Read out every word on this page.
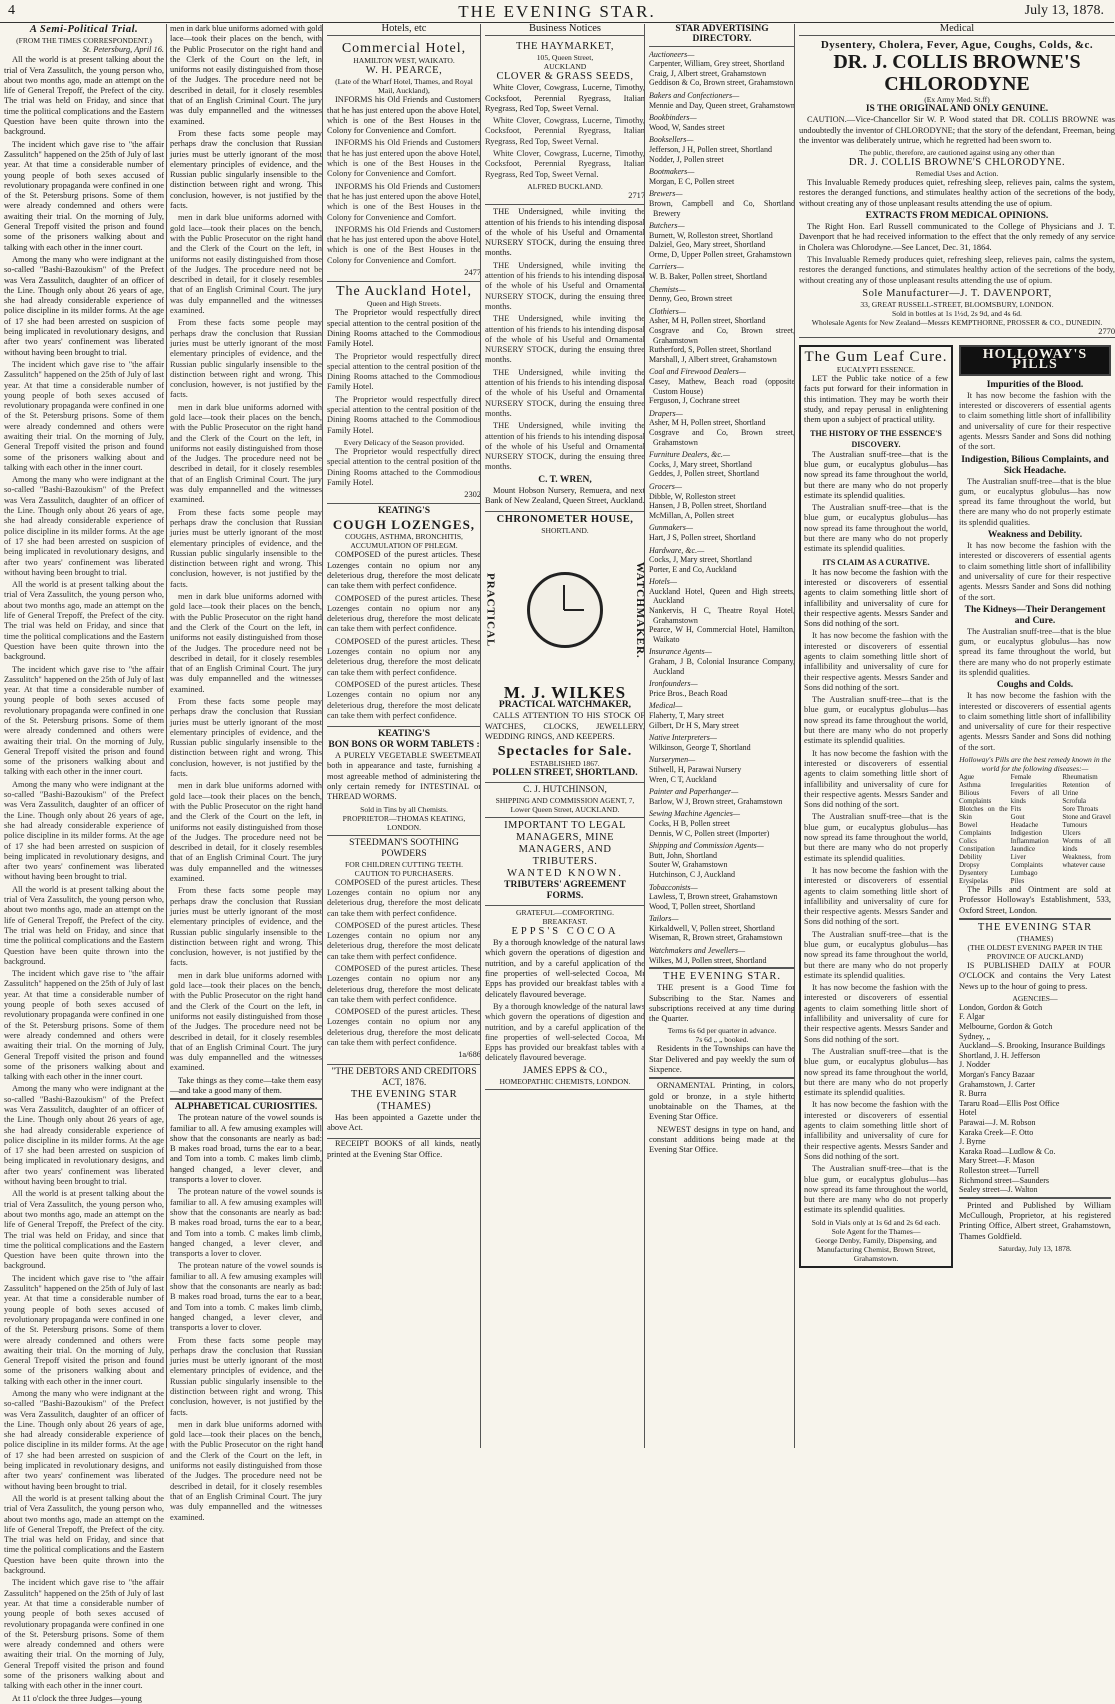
4	THE EVENING STAR.	July 13, 1878.
A Semi-Political Trial.
(FROM THE TIMES CORRESPONDENT.)
St. Petersburg, April 16.

All the world is at present talking about the trial of Vera Zassulitch, the young person who, about two months ago, made an attempt on the life of General Trepoff, the Prefect of the city. The trial was held on Friday, and since that time the political complications and the Eastern Question have been quite thrown into the background.

The incident which gave rise to "the affair Zassulitch" happened on the 25th of July of last year. At that time a considerable number of young people of both sexes accused of revolutionary propaganda were confined in one of the St. Petersburg prisons. Some of them were already condemned and others were awaiting their trial. On the morning of July, General Trepoff visited the prison and found some of the prisoners walking about and talking with each other in the inner court.

Among the many who were indignant at the so-called "Bashi-Bazoukism" of the Prefect was Vera Zassulitch, daughter of an officer of the Line. Though only about 26 years of age, she had already considerable experience of police discipline in its milder forms. At the age of 17 she had been arrested on suspicion of being implicated in revolutionary designs, and after two years' confinement was liberated without having been brought to trial.

The incident which gave rise to "the affair Zassulitch" happened on the 25th of July of last year. At that time a considerable number of young people of both sexes accused of revolutionary propaganda were confined in one of the St. Petersburg prisons. Some of them were already condemned and others were awaiting their trial. On the morning of July, General Trepoff visited the prison and found some of the prisoners walking about and talking with each other in the inner court.

Among the many who were indignant at the so-called "Bashi-Bazoukism" of the Prefect was Vera Zassulitch, daughter of an officer of the Line. Though only about 26 years of age, she had already considerable experience of police discipline in its milder forms. At the age of 17 she had been arrested on suspicion of being implicated in revolutionary designs, and after two years' confinement was liberated without having been brought to trial.

All the world is at present talking about the trial of Vera Zassulitch, the young person who, about two months ago, made an attempt on the life of General Trepoff, the Prefect of the city. The trial was held on Friday, and since that time the political complications and the Eastern Question have been quite thrown into the background.

The incident which gave rise to "the affair Zassulitch" happened on the 25th of July of last year. At that time a considerable number of young people of both sexes accused of revolutionary propaganda were confined in one of the St. Petersburg prisons. Some of them were already condemned and others were awaiting their trial. On the morning of July, General Trepoff visited the prison and found some of the prisoners walking about and talking with each other in the inner court.

Among the many who were indignant at the so-called "Bashi-Bazoukism" of the Prefect was Vera Zassulitch, daughter of an officer of the Line. Though only about 26 years of age, she had already considerable experience of police discipline in its milder forms. At the age of 17 she had been arrested on suspicion of being implicated in revolutionary designs, and after two years' confinement was liberated without having been brought to trial.

All the world is at present talking about the trial of Vera Zassulitch, the young person who, about two months ago, made an attempt on the life of General Trepoff, the Prefect of the city. The trial was held on Friday, and since that time the political complications and the Eastern Question have been quite thrown into the background.

The incident which gave rise to "the affair Zassulitch" happened on the 25th of July of last year. At that time a considerable number of young people of both sexes accused of revolutionary propaganda were confined in one of the St. Petersburg prisons. Some of them were already condemned and others were awaiting their trial. On the morning of July, General Trepoff visited the prison and found some of the prisoners walking about and talking with each other in the inner court.

Among the many who were indignant at the so-called "Bashi-Bazoukism" of the Prefect was Vera Zassulitch, daughter of an officer of the Line. Though only about 26 years of age, she had already considerable experience of police discipline in its milder forms. At the age of 17 she had been arrested on suspicion of being implicated in revolutionary designs, and after two years' confinement was liberated without having been brought to trial.

All the world is at present talking about the trial of Vera Zassulitch, the young person who, about two months ago, made an attempt on the life of General Trepoff, the Prefect of the city. The trial was held on Friday, and since that time the political complications and the Eastern Question have been quite thrown into the background.

The incident which gave rise to "the affair Zassulitch" happened on the 25th of July of last year. At that time a considerable number of young people of both sexes accused of revolutionary propaganda were confined in one of the St. Petersburg prisons. Some of them were already condemned and others were awaiting their trial. On the morning of July, General Trepoff visited the prison and found some of the prisoners walking about and talking with each other in the inner court.

Among the many who were indignant at the so-called "Bashi-Bazoukism" of the Prefect was Vera Zassulitch, daughter of an officer of the Line. Though only about 26 years of age, she had already considerable experience of police discipline in its milder forms. At the age of 17 she had been arrested on suspicion of being implicated in revolutionary designs, and after two years' confinement was liberated without having been brought to trial.

All the world is at present talking about the trial of Vera Zassulitch, the young person who, about two months ago, made an attempt on the life of General Trepoff, the Prefect of the city. The trial was held on Friday, and since that time the political complications and the Eastern Question have been quite thrown into the background.

The incident which gave rise to "the affair Zassulitch" happened on the 25th of July of last year. At that time a considerable number of young people of both sexes accused of revolutionary propaganda were confined in one of the St. Petersburg prisons. Some of them were already condemned and others were awaiting their trial. On the morning of July, General Trepoff visited the prison and found some of the prisoners walking about and talking with each other in the inner court.

At 11 o'clock the three Judges—young

men in dark blue uniforms adorned with gold lace—took their places on the bench, with the Public Prosecutor on the right hand and the Clerk of the Court on the left, in uniforms not easily distinguished from those of the Judges. The procedure need not be described in detail, for it closely resembles that of an English Criminal Court. The jury was duly empannelled and the witnesses examined.

From these facts some people may perhaps draw the conclusion that Russian juries must be utterly ignorant of the most elementary principles of evidence, and the Russian public singularly insensible to the distinction between right and wrong. This conclusion, however, is not justified by the facts.

men in dark blue uniforms adorned with gold lace—took their places on the bench, with the Public Prosecutor on the right hand and the Clerk of the Court on the left, in uniforms not easily distinguished from those of the Judges. The procedure need not be described in detail, for it closely resembles that of an English Criminal Court. The jury was duly empannelled and the witnesses examined.

From these facts some people may perhaps draw the conclusion that Russian juries must be utterly ignorant of the most elementary principles of evidence, and the Russian public singularly insensible to the distinction between right and wrong. This conclusion, however, is not justified by the facts.

men in dark blue uniforms adorned with gold lace—took their places on the bench, with the Public Prosecutor on the right hand and the Clerk of the Court on the left, in uniforms not easily distinguished from those of the Judges. The procedure need not be described in detail, for it closely resembles that of an English Criminal Court. The jury was duly empannelled and the witnesses examined.

From these facts some people may perhaps draw the conclusion that Russian juries must be utterly ignorant of the most elementary principles of evidence, and the Russian public singularly insensible to the distinction between right and wrong. This conclusion, however, is not justified by the facts.

men in dark blue uniforms adorned with gold lace—took their places on the bench, with the Public Prosecutor on the right hand and the Clerk of the Court on the left, in uniforms not easily distinguished from those of the Judges. The procedure need not be described in detail, for it closely resembles that of an English Criminal Court. The jury was duly empannelled and the witnesses examined.

From these facts some people may perhaps draw the conclusion that Russian juries must be utterly ignorant of the most elementary principles of evidence, and the Russian public singularly insensible to the distinction between right and wrong. This conclusion, however, is not justified by the facts.

men in dark blue uniforms adorned with gold lace—took their places on the bench, with the Public Prosecutor on the right hand and the Clerk of the Court on the left, in uniforms not easily distinguished from those of the Judges. The procedure need not be described in detail, for it closely resembles that of an English Criminal Court. The jury was duly empannelled and the witnesses examined.

From these facts some people may perhaps draw the conclusion that Russian juries must be utterly ignorant of the most elementary principles of evidence, and the Russian public singularly insensible to the distinction between right and wrong. This conclusion, however, is not justified by the facts.

men in dark blue uniforms adorned with gold lace—took their places on the bench, with the Public Prosecutor on the right hand and the Clerk of the Court on the left, in uniforms not easily distinguished from those of the Judges. The procedure need not be described in detail, for it closely resembles that of an English Criminal Court. The jury was duly empannelled and the witnesses examined.

Take things as they come—take them easy—and take a good many of them.

ALPHABETICAL CURIOSITIES.

The protean nature of the vowel sounds is familiar to all. A few amusing examples will show that the consonants are nearly as bad: B makes road broad, turns the ear to a bear, and Tom into a tomb. C makes limb climb, hanged changed, a lever clever, and transports a lover to clover.

The protean nature of the vowel sounds is familiar to all. A few amusing examples will show that the consonants are nearly as bad: B makes road broad, turns the ear to a bear, and Tom into a tomb. C makes limb climb, hanged changed, a lever clever, and transports a lover to clover.

The protean nature of the vowel sounds is familiar to all. A few amusing examples will show that the consonants are nearly as bad: B makes road broad, turns the ear to a bear, and Tom into a tomb. C makes limb climb, hanged changed, a lever clever, and transports a lover to clover.

From these facts some people may perhaps draw the conclusion that Russian juries must be utterly ignorant of the most elementary principles of evidence, and the Russian public singularly insensible to the distinction between right and wrong. This conclusion, however, is not justified by the facts.

men in dark blue uniforms adorned with gold lace—took their places on the bench, with the Public Prosecutor on the right hand and the Clerk of the Court on the left, in uniforms not easily distinguished from those of the Judges. The procedure need not be described in detail, for it closely resembles that of an English Criminal Court. The jury was duly empannelled and the witnesses examined.

Hotels, etc
Commercial Hotel,
HAMILTON WEST, WAIKATO.
W. H. PEARCE,
(Late of the Wharf Hotel, Thames, and Royal Mail, Auckland),

INFORMS his Old Friends and Customers that he has just entered upon the above Hotel, which is one of the Best Houses in the Colony for Convenience and Comfort.

INFORMS his Old Friends and Customers that he has just entered upon the above Hotel, which is one of the Best Houses in the Colony for Convenience and Comfort.

INFORMS his Old Friends and Customers that he has just entered upon the above Hotel, which is one of the Best Houses in the Colony for Convenience and Comfort.

INFORMS his Old Friends and Customers that he has just entered upon the above Hotel, which is one of the Best Houses in the Colony for Convenience and Comfort.

2477
The Auckland Hotel,
Queen and High Streets.

The Proprietor would respectfully direct special attention to the central position of the Dining Rooms attached to the Commodious Family Hotel.

The Proprietor would respectfully direct special attention to the central position of the Dining Rooms attached to the Commodious Family Hotel.

The Proprietor would respectfully direct special attention to the central position of the Dining Rooms attached to the Commodious Family Hotel.

Every Delicacy of the Season provided.

The Proprietor would respectfully direct special attention to the central position of the Dining Rooms attached to the Commodious Family Hotel.

2302
KEATING'S
COUGH LOZENGES,
COUGHS, ASTHMA, BRONCHITIS, ACCUMULATION OF PHLEGM.

COMPOSED of the purest articles. These Lozenges contain no opium nor any deleterious drug, therefore the most delicate can take them with perfect confidence.

COMPOSED of the purest articles. These Lozenges contain no opium nor any deleterious drug, therefore the most delicate can take them with perfect confidence.

COMPOSED of the purest articles. These Lozenges contain no opium nor any deleterious drug, therefore the most delicate can take them with perfect confidence.

COMPOSED of the purest articles. These Lozenges contain no opium nor any deleterious drug, therefore the most delicate can take them with perfect confidence.

KEATING'S
BON BONS OR WORM TABLETS :

A PURELY VEGETABLE SWEETMEAT both in appearance and taste, furnishing a most agreeable method of administering the only certain remedy for INTESTINAL or THREAD WORMS.

Sold in Tins by all Chemists.
PROPRIETOR—THOMAS KEATING, LONDON.
STEEDMAN'S SOOTHING POWDERS
FOR CHILDREN CUTTING TEETH.
CAUTION TO PURCHASERS.

COMPOSED of the purest articles. These Lozenges contain no opium nor any deleterious drug, therefore the most delicate can take them with perfect confidence.

COMPOSED of the purest articles. These Lozenges contain no opium nor any deleterious drug, therefore the most delicate can take them with perfect confidence.

COMPOSED of the purest articles. These Lozenges contain no opium nor any deleterious drug, therefore the most delicate can take them with perfect confidence.

COMPOSED of the purest articles. These Lozenges contain no opium nor any deleterious drug, therefore the most delicate can take them with perfect confidence.

1a/686
"THE DEBTORS AND CREDITORS ACT, 1876.
THE EVENING STAR (THAMES)

Has been appointed a Gazette under the above Act.

RECEIPT BOOKS of all kinds, neatly printed at the Evening Star Office.

Business Notices
THE HAYMARKET,
105, Queen Street,
AUCKLAND
CLOVER & GRASS SEEDS,

White Clover, Cowgrass, Lucerne, Timothy, Cocksfoot, Perennial Ryegrass, Italian Ryegrass, Red Top, Sweet Vernal.

White Clover, Cowgrass, Lucerne, Timothy, Cocksfoot, Perennial Ryegrass, Italian Ryegrass, Red Top, Sweet Vernal.

White Clover, Cowgrass, Lucerne, Timothy, Cocksfoot, Perennial Ryegrass, Italian Ryegrass, Red Top, Sweet Vernal.

ALFRED BUCKLAND.
2717

THE Undersigned, while inviting the attention of his friends to his intending disposal of the whole of his Useful and Ornamental NURSERY STOCK, during the ensuing three months.

THE Undersigned, while inviting the attention of his friends to his intending disposal of the whole of his Useful and Ornamental NURSERY STOCK, during the ensuing three months.

THE Undersigned, while inviting the attention of his friends to his intending disposal of the whole of his Useful and Ornamental NURSERY STOCK, during the ensuing three months.

THE Undersigned, while inviting the attention of his friends to his intending disposal of the whole of his Useful and Ornamental NURSERY STOCK, during the ensuing three months.

THE Undersigned, while inviting the attention of his friends to his intending disposal of the whole of his Useful and Ornamental NURSERY STOCK, during the ensuing three months.

C. T. WREN,

Mount Hobson Nursery, Remuera, and next Bank of New Zealand, Queen Street, Auckland.

CHRONOMETER HOUSE,
SHORTLAND.
PRACTICAL	WATCHMAKER.
M. J. WILKES
PRACTICAL WATCHMAKER,

CALLS ATTENTION TO HIS STOCK OF WATCHES, CLOCKS, JEWELLERY, WEDDING RINGS, AND KEEPERS.

Spectacles for Sale.
ESTABLISHED 1867.
POLLEN STREET, SHORTLAND.
C. J. HUTCHINSON,
SHIPPING AND COMMISSION AGENT, 7, Lower Queen Street, AUCKLAND.
IMPORTANT TO LEGAL MANAGERS, MINE MANAGERS, AND TRIBUTERS.
WANTED KNOWN.
TRIBUTERS' AGREEMENT FORMS.
GRATEFUL—COMFORTING.
BREAKFAST.
EPPS'S COCOA

By a thorough knowledge of the natural laws which govern the operations of digestion and nutrition, and by a careful application of the fine properties of well-selected Cocoa, Mr Epps has provided our breakfast tables with a delicately flavoured beverage.

By a thorough knowledge of the natural laws which govern the operations of digestion and nutrition, and by a careful application of the fine properties of well-selected Cocoa, Mr Epps has provided our breakfast tables with a delicately flavoured beverage.

JAMES EPPS & CO.,
HOMEOPATHIC CHEMISTS, LONDON.
STAR ADVERTISING DIRECTORY.
Auctioneers—
Carpenter, William, Grey street, Shortland
Craig, J, Albert street, Grahamstown
Geddison & Co, Brown street, Grahamstown
Bakers and Confectioners—
Mennie and Day, Queen street, Grahamstown
Bookbinders—
Wood, W, Sandes street
Booksellers—
Jefferson, J H, Pollen street, Shortland
Nodder, J, Pollen street
Bootmakers—
Morgan, E C, Pollen street
Brewers—
Brown, Campbell and Co, Shortland Brewery
Butchers—
Burnett, W, Rolleston street, Shortland
Dalziel, Geo, Mary street, Shortland
Orme, D, Upper Pollen street, Grahamstown
Carriers—
W. B. Baker, Pollen street, Shortland
Chemists—
Denny, Geo, Brown street
Clothiers—
Asher, M H, Pollen street, Shortland
Cosgrave and Co, Brown street, Grahamstown
Rutherford, S, Pollen street, Shortland
Marshall, J, Albert street, Grahamstown
Coal and Firewood Dealers—
Casey, Mathew, Beach road (opposite Custom House)
Ferguson, J, Cochrane street
Drapers—
Asher, M H, Pollen street, Shortland
Cosgrave and Co, Brown street, Grahamstown
Furniture Dealers, &c.—
Cocks, J, Mary street, Shortland
Geddes, J, Pollen street, Shortland
Grocers—
Dibble, W, Rolleston street
Hansen, J B, Pollen street, Shortland
McMillan, A, Pollen street
Gunmakers—
Hart, J S, Pollen street, Shortland
Hardware, &c.—
Cocks, J, Mary street, Shortland
Porter, E and Co, Auckland
Hotels—
Auckland Hotel, Queen and High streets, Auckland
Nankervis, H C, Theatre Royal Hotel, Grahamstown
Pearce, W H, Commercial Hotel, Hamilton, Waikato
Insurance Agents—
Graham, J B, Colonial Insurance Company, Auckland
Ironfounders—
Price Bros., Beach Road
Medical—
Flaherty, T, Mary street
Gilbert, Dr H S, Mary street
Native Interpreters—
Wilkinson, George T, Shortland
Nurserymen—
Stilwell, H, Parawai Nursery
Wren, C T, Auckland
Painter and Paperhanger—
Barlow, W J, Brown street, Grahamstown
Sewing Machine Agencies—
Cocks, H B, Pollen street
Dennis, W C, Pollen street (Importer)
Shipping and Commission Agents—
Butt, John, Shortland
Souter W, Grahamstown
Hutchinson, C J, Auckland
Tobacconists—
Lawless, T, Brown street, Grahamstown
Wood, T, Pollen street, Shortland
Tailors—
Kirkaldwell, V, Pollen street, Shortland
Wiseman, R, Brown street, Grahamstown
Watchmakers and Jewellers—
Wilkes, M J, Pollen street, Shortland
THE EVENING STAR.

THE present is a Good Time for Subscribing to the Star. Names and subscriptions received at any time during the Quarter.

Terms 6s 6d per quarter in advance.
7s 6d „ „ booked.

Residents in the Townships can have the Star Delivered and pay weekly the sum of Sixpence.

ORNAMENTAL Printing, in colors, gold or bronze, in a style hitherto unobtainable on the Thames, at the Evening Star Office.

NEWEST designs in type on hand, and constant additions being made at the Evening Star Office.

Medical
Dysentery, Cholera, Fever, Ague, Coughs, Colds, &c.
DR. J. COLLIS BROWNE'S CHLORODYNE
(Ex Army Med. St.ff)
IS THE ORIGINAL AND ONLY GENUINE.

CAUTION.—Vice-Chancellor Sir W. P. Wood stated that DR. COLLIS BROWNE was undoubtedly the inventor of CHLORODYNE; that the story of the defendant, Freeman, being the inventor was deliberately untrue, which he regretted had been sworn to.

The public, therefore, are cautioned against using any other than
DR. J. COLLIS BROWNE'S CHLORODYNE.
Remedial Uses and Action.

This Invaluable Remedy produces quiet, refreshing sleep, relieves pain, calms the system, restores the deranged functions, and stimulates healthy action of the secretions of the body, without creating any of those unpleasant results attending the use of opium.

EXTRACTS FROM MEDICAL OPINIONS.

The Right Hon. Earl Russell communicated to the College of Physicians and J. T. Davenport that he had received information to the effect that the only remedy of any service in Cholera was Chlorodyne.—See Lancet, Dec. 31, 1864.

This Invaluable Remedy produces quiet, refreshing sleep, relieves pain, calms the system, restores the deranged functions, and stimulates healthy action of the secretions of the body, without creating any of those unpleasant results attending the use of opium.

Sole Manufacturer—J. T. DAVENPORT,
33, GREAT RUSSELL-STREET, BLOOMSBURY, LONDON.
Sold in bottles at 1s 1½d, 2s 9d, and 4s 6d.
Wholesale Agents for New Zealand—Messrs KEMPTHORNE, PROSSER & CO., DUNEDIN.
2770
The Gum Leaf Cure.
EUCALYPTI ESSENCE.

LET the Public take notice of a few facts put forward for their information in this intimation. They may be worth their study, and repay perusal in enlightening them upon a subject of practical utility.

THE HISTORY OF THE ESSENCE'S DISCOVERY.

The Australian snuff-tree—that is the blue gum, or eucalyptus globulus—has now spread its fame throughout the world, but there are many who do not properly estimate its splendid qualities.

The Australian snuff-tree—that is the blue gum, or eucalyptus globulus—has now spread its fame throughout the world, but there are many who do not properly estimate its splendid qualities.

ITS CLAIM AS A CURATIVE.

It has now become the fashion with the interested or discoverers of essential agents to claim something little short of infallibility and universality of cure for their respective agents. Messrs Sander and Sons did nothing of the sort.

It has now become the fashion with the interested or discoverers of essential agents to claim something little short of infallibility and universality of cure for their respective agents. Messrs Sander and Sons did nothing of the sort.

The Australian snuff-tree—that is the blue gum, or eucalyptus globulus—has now spread its fame throughout the world, but there are many who do not properly estimate its splendid qualities.

It has now become the fashion with the interested or discoverers of essential agents to claim something little short of infallibility and universality of cure for their respective agents. Messrs Sander and Sons did nothing of the sort.

The Australian snuff-tree—that is the blue gum, or eucalyptus globulus—has now spread its fame throughout the world, but there are many who do not properly estimate its splendid qualities.

It has now become the fashion with the interested or discoverers of essential agents to claim something little short of infallibility and universality of cure for their respective agents. Messrs Sander and Sons did nothing of the sort.

The Australian snuff-tree—that is the blue gum, or eucalyptus globulus—has now spread its fame throughout the world, but there are many who do not properly estimate its splendid qualities.

It has now become the fashion with the interested or discoverers of essential agents to claim something little short of infallibility and universality of cure for their respective agents. Messrs Sander and Sons did nothing of the sort.

The Australian snuff-tree—that is the blue gum, or eucalyptus globulus—has now spread its fame throughout the world, but there are many who do not properly estimate its splendid qualities.

It has now become the fashion with the interested or discoverers of essential agents to claim something little short of infallibility and universality of cure for their respective agents. Messrs Sander and Sons did nothing of the sort.

The Australian snuff-tree—that is the blue gum, or eucalyptus globulus—has now spread its fame throughout the world, but there are many who do not properly estimate its splendid qualities.

Sold in Vials only at 1s 6d and 2s 6d each.
Sole Agent for the Thames—
George Denby, Family, Dispensing, and Manufacturing Chemist, Brown Street, Grahamstown.
HOLLOWAY'S PILLS
Impurities of the Blood.

It has now become the fashion with the interested or discoverers of essential agents to claim something little short of infallibility and universality of cure for their respective agents. Messrs Sander and Sons did nothing of the sort.

Indigestion, Bilious Complaints, and Sick Headache.

The Australian snuff-tree—that is the blue gum, or eucalyptus globulus—has now spread its fame throughout the world, but there are many who do not properly estimate its splendid qualities.

Weakness and Debility.

It has now become the fashion with the interested or discoverers of essential agents to claim something little short of infallibility and universality of cure for their respective agents. Messrs Sander and Sons did nothing of the sort.

The Kidneys—Their Derangement and Cure.

The Australian snuff-tree—that is the blue gum, or eucalyptus globulus—has now spread its fame throughout the world, but there are many who do not properly estimate its splendid qualities.

Coughs and Colds.

It has now become the fashion with the interested or discoverers of essential agents to claim something little short of infallibility and universality of cure for their respective agents. Messrs Sander and Sons did nothing of the sort.

Holloway's Pills are the best remedy known in the world for the following diseases:—
Ague
Asthma
Bilious Complaints
Blotches on the Skin
Bowel Complaints
Colics
Constipation
Debility
Dropsy
Dysentery
Erysipelas
Female Irregularities
Fevers of all kinds
Fits
Gout
Headache
Indigestion
Inflammation
Jaundice
Liver Complaints
Lumbago
Piles
Rheumatism
Retention of Urine
Scrofula
Sore Throats
Stone and Gravel
Tumours
Ulcers
Worms of all kinds
Weakness, from whatever cause

The Pills and Ointment are sold at Professor Holloway's Establishment, 533, Oxford Street, London.

THE EVENING STAR
(THAMES)
(THE OLDEST EVENING PAPER IN THE PROVINCE OF AUCKLAND)

IS PUBLISHED DAILY at FOUR O'CLOCK and contains the Very Latest News up to the hour of going to press.

AGENCIES—
London, Gordon & Gotch
F. Algar
Melbourne, Gordon & Gotch
Sydney, „
Auckland—S. Brooking, Insurance Buildings
Shortland, J. H. Jefferson
J. Nodder
Morgan's Fancy Bazaar
Grahamstown, J. Carter
R. Burra
Tararu Road—Ellis Post Office
Hotel
Parawai—J. M. Robson
Karaka Creek—F. Otto
J. Byrne
Karaka Road—Ludlow & Co.
Mary Street—F. Mason
Rolleston street—Turrell
Richmond street—Saunders
Sealey street—J. Walton

Printed and Published by William McCullough, Proprietor, at his registered Printing Office, Albert street, Grahamstown, Thames Goldfield.

Saturday, July 13, 1878.
